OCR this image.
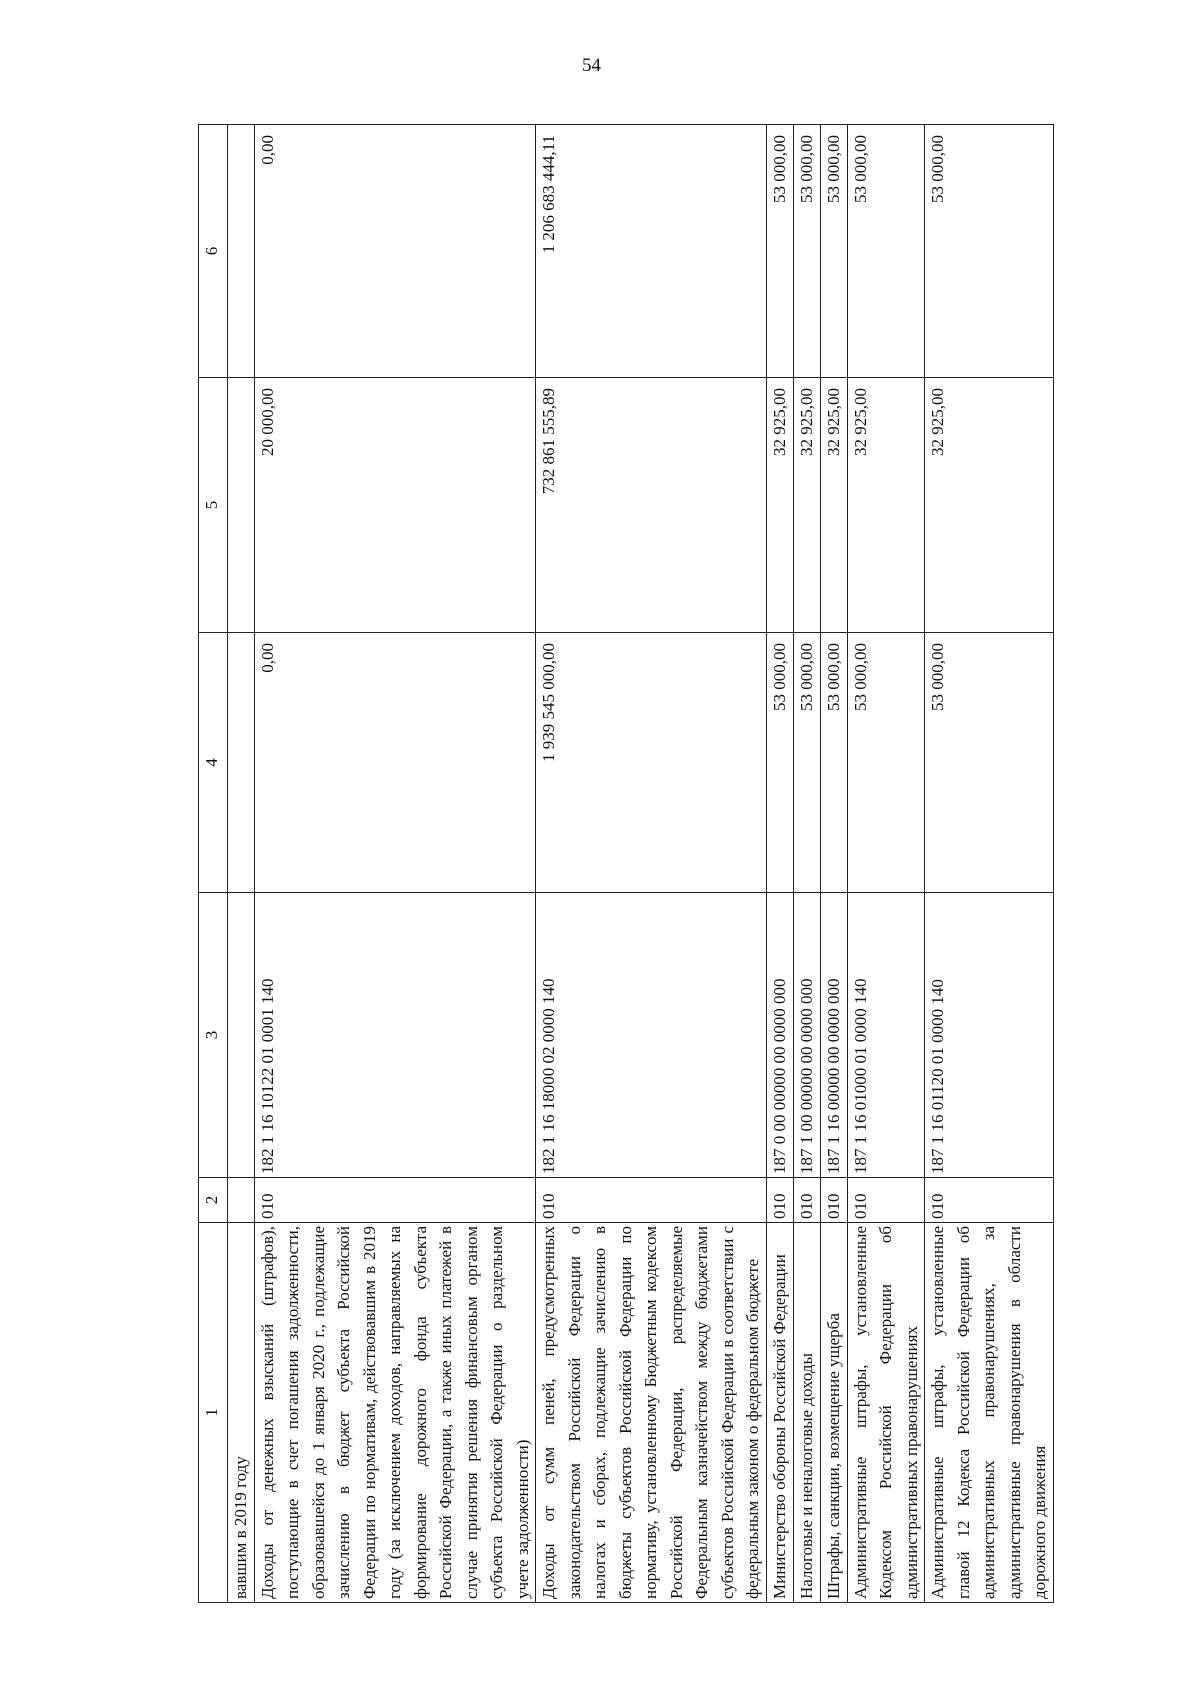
54
1	2	3	4	5	6
вавшим в 2019 году					
Доходы от денежных взысканий (штрафов), поступающие в счет погашения задолженности, образовавшейся до 1 января 2020 г., подлежащие зачислению в бюджет субъекта Российской Федерации по нормативам, действовавшим в 2019 году (за исключением доходов, направляемых на формирование дорожного фонда субъекта Российской Федерации, а также иных платежей в случае принятия решения финансовым органом субъекта Российской Федерации о раздельном учете задолженности)	010	182 1 16 10122 01 0001 140	0,00	20 000,00	0,00
Доходы от сумм пеней, предусмотренных законодательством Российской Федерации о налогах и сборах, подлежащие зачислению в бюджеты субъектов Российской Федерации по нормативу, установленному Бюджетным кодексом Российской Федерации, распределяемые Федеральным казначейством между бюджетами субъектов Российской Федерации в соответствии с федеральным законом о федеральном бюджете	010	182 1 16 18000 02 0000 140	1 939 545 000,00	732 861 555,89	1 206 683 444,11
Министерство обороны Российской Федерации	010	187 0 00 00000 00 0000 000	53 000,00	32 925,00	53 000,00
Налоговые и неналоговые доходы	010	187 1 00 00000 00 0000 000	53 000,00	32 925,00	53 000,00
Штрафы, санкции, возмещение ущерба	010	187 1 16 00000 00 0000 000	53 000,00	32 925,00	53 000,00
Административные штрафы, установленные Кодексом Российской Федерации об административных правонарушениях	010	187 1 16 01000 01 0000 140	53 000,00	32 925,00	53 000,00
Административные штрафы, установленные главой 12 Кодекса Российской Федерации об административных правонарушениях, за административные правонарушения в области дорожного движения	010	187 1 16 01120 01 0000 140	53 000,00	32 925,00	53 000,00
